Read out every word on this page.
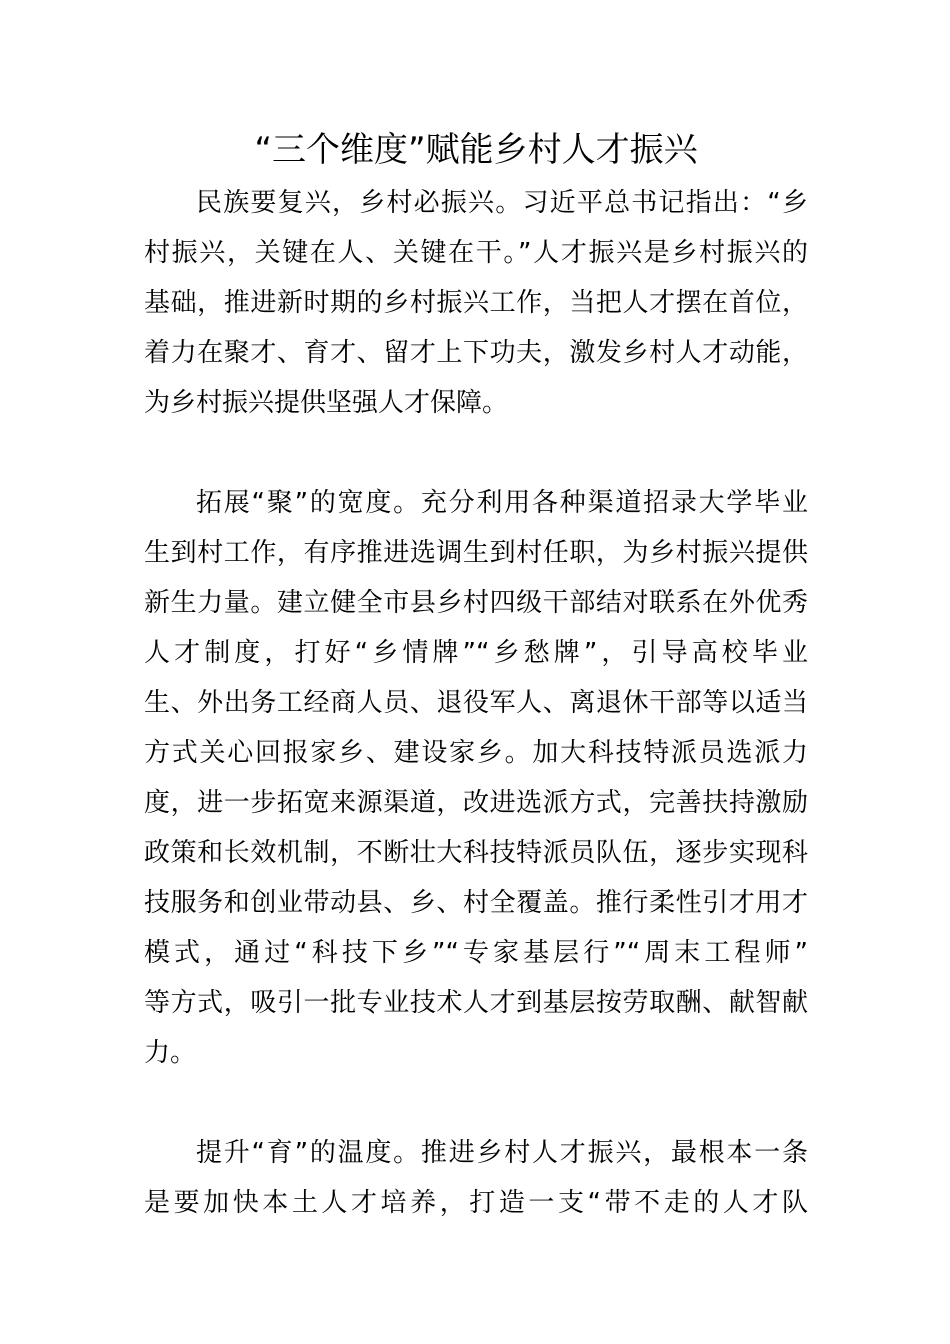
“三个维度”赋能乡村人才振兴
民族要复兴，乡村必振兴。习近平总书记指出：“乡
村振兴，关键在人、关键在干。”人才振兴是乡村振兴的
基础，推进新时期的乡村振兴工作，当把人才摆在首位，
着力在聚才、育才、留才上下功夫，激发乡村人才动能，
为乡村振兴提供坚强人才保障。
拓展“聚”的宽度。充分利用各种渠道招录大学毕业
生到村工作，有序推进选调生到村任职，为乡村振兴提供
新生力量。建立健全市县乡村四级干部结对联系在外优秀
人才制度，打好“乡情牌”“乡愁牌”，引导高校毕业
生、外出务工经商人员、退役军人、离退休干部等以适当
方式关心回报家乡、建设家乡。加大科技特派员选派力
度，进一步拓宽来源渠道，改进选派方式，完善扶持激励
政策和长效机制，不断壮大科技特派员队伍，逐步实现科
技服务和创业带动县、乡、村全覆盖。推行柔性引才用才
模式，通过“科技下乡”“专家基层行”“周末工程师”
等方式，吸引一批专业技术人才到基层按劳取酬、献智献
力。
提升“育”的温度。推进乡村人才振兴，最根本一条
是要加快本土人才培养，打造一支“带不走的人才队
